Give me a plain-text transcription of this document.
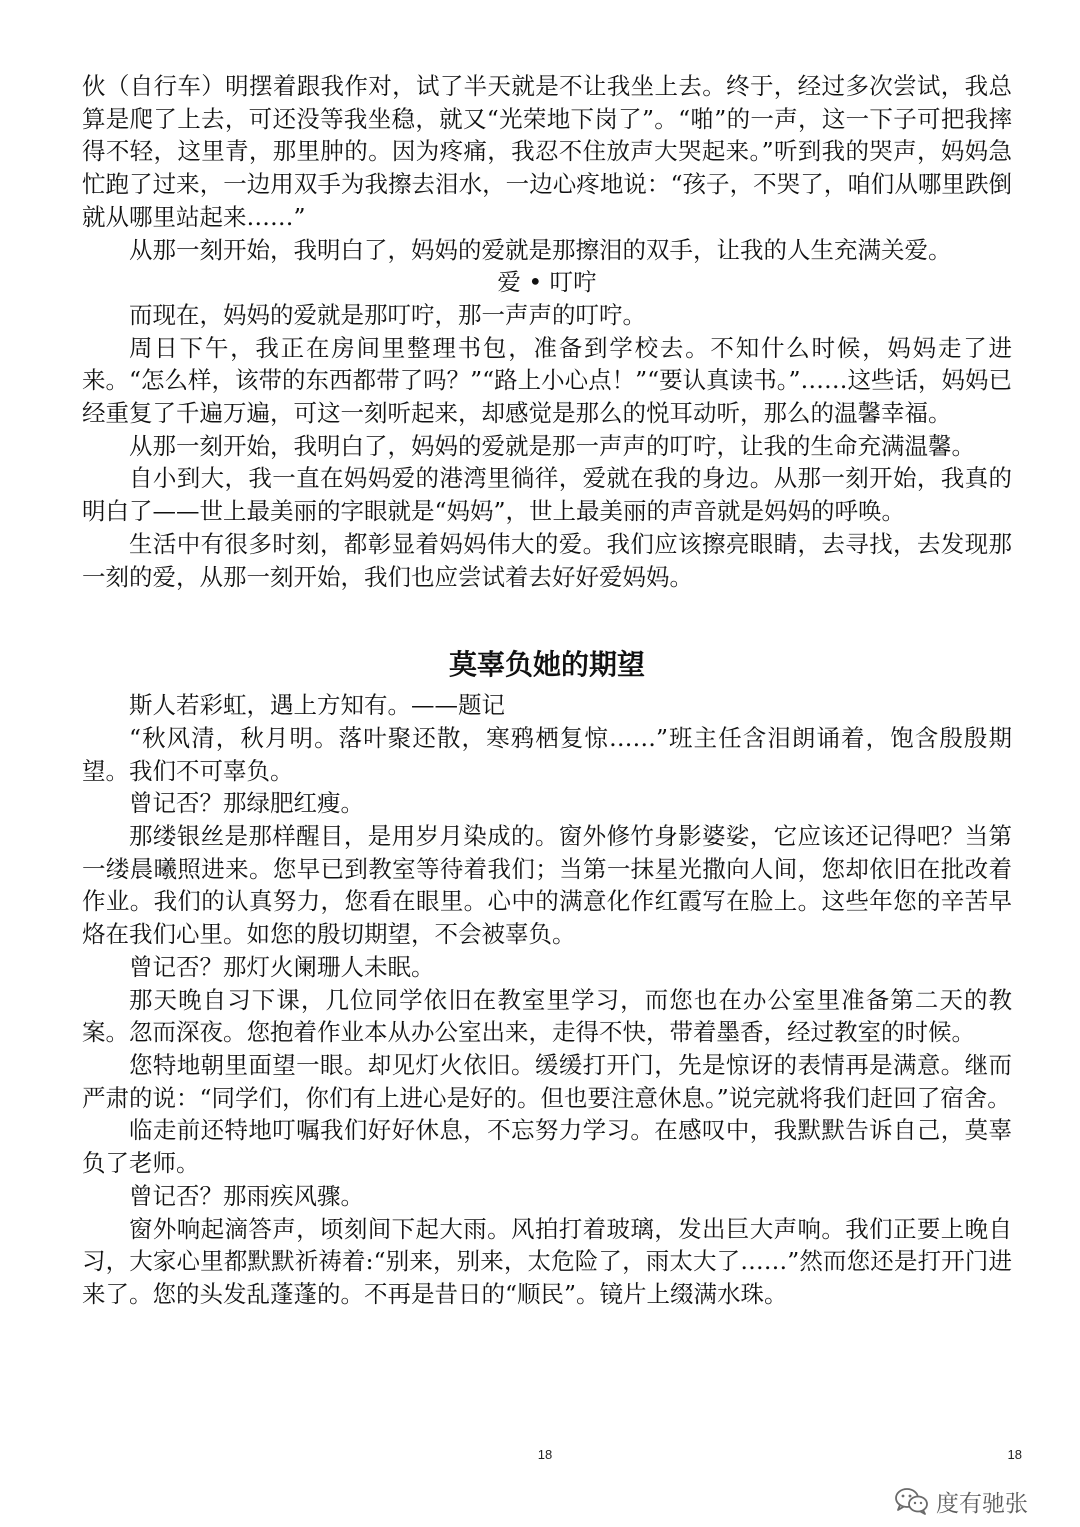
伙（自行车）明摆着跟我作对，试了半天就是不让我坐上去。终于，经过多次尝试，我总算是爬了上去，可还没等我坐稳，就又“光荣地下岗了”。“啪”的一声，这一下子可把我摔得不轻，这里青，那里肿的。因为疼痛，我忍不住放声大哭起来。”听到我的哭声，妈妈急忙跑了过来，一边用双手为我擦去泪水，一边心疼地说：“孩子，不哭了，咱们从哪里跌倒就从哪里站起来……”

从那一刻开始，我明白了，妈妈的爱就是那擦泪的双手，让我的人生充满关爱。

爱 • 叮咛

而现在，妈妈的爱就是那叮咛，那一声声的叮咛。

周日下午，我正在房间里整理书包，准备到学校去。不知什么时候，妈妈走了进来。“怎么样，该带的东西都带了吗？”“路上小心点！”“要认真读书。”……这些话，妈妈已经重复了千遍万遍，可这一刻听起来，却感觉是那么的悦耳动听，那么的温馨幸福。

从那一刻开始，我明白了，妈妈的爱就是那一声声的叮咛，让我的生命充满温馨。

自小到大，我一直在妈妈爱的港湾里徜徉，爱就在我的身边。从那一刻开始，我真的明白了——世上最美丽的字眼就是“妈妈”，世上最美丽的声音就是妈妈的呼唤。

生活中有很多时刻，都彰显着妈妈伟大的爱。我们应该擦亮眼睛，去寻找，去发现那一刻的爱，从那一刻开始，我们也应尝试着去好好爱妈妈。

莫辜负她的期望

斯人若彩虹，遇上方知有。——题记

“秋风清，秋月明。落叶聚还散，寒鸦栖复惊……”班主任含泪朗诵着，饱含殷殷期望。我们不可辜负。

曾记否？那绿肥红瘦。

那缕银丝是那样醒目，是用岁月染成的。窗外修竹身影婆娑，它应该还记得吧？当第一缕晨曦照进来。您早已到教室等待着我们；当第一抹星光撒向人间，您却依旧在批改着作业。我们的认真努力，您看在眼里。心中的满意化作红霞写在脸上。这些年您的辛苦早烙在我们心里。如您的殷切期望，不会被辜负。

曾记否？那灯火阑珊人未眠。

那天晚自习下课，几位同学依旧在教室里学习，而您也在办公室里准备第二天的教案。忽而深夜。您抱着作业本从办公室出来，走得不快，带着墨香，经过教室的时候。

您特地朝里面望一眼。却见灯火依旧。缓缓打开门，先是惊讶的表情再是满意。继而严肃的说：“同学们，你们有上进心是好的。但也要注意休息。”说完就将我们赶回了宿舍。

临走前还特地叮嘱我们好好休息，不忘努力学习。在感叹中，我默默告诉自己，莫辜负了老师。

曾记否？那雨疾风骤。

窗外响起滴答声，顷刻间下起大雨。风拍打着玻璃，发出巨大声响。我们正要上晚自习，大家心里都默默祈祷着:“别来，别来，太危险了，雨太大了……”然而您还是打开门进来了。您的头发乱蓬蓬的。不再是昔日的“顺民”。镜片上缀满水珠。

18	18
度有驰张
